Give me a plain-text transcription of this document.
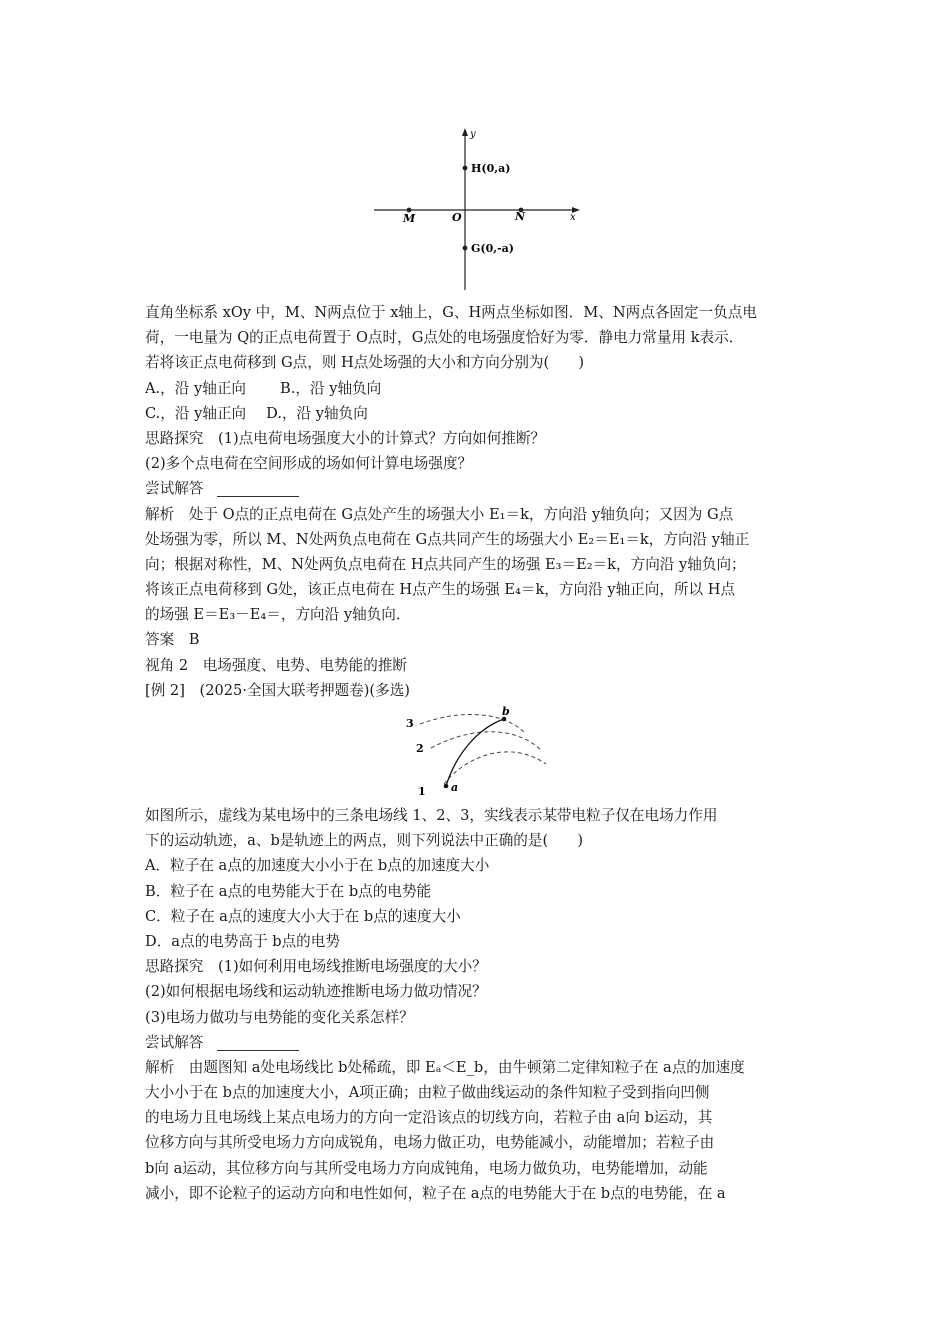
y
x
H(0,a)
O
M	N
G(0,-a)
直角坐标系 xOy 中，M、N两点位于 x轴上，G、H两点坐标如图．M、N两点各固定一负点电
荷，一电量为 Q的正点电荷置于 O点时，G点处的电场强度恰好为零．静电力常量用 k表示．
若将该正点电荷移到 G点，则 H点处场强的大小和方向分别为(　　)
A.，沿 y轴正向 B.，沿 y轴负向
C.，沿 y轴正向 D.，沿 y轴负向
思路探究　 (1)点电荷电场强度大小的计算式？方向如何推断？
(2)多个点电荷在空间形成的场如何计算电场强度？
尝试解答
解析　处于 O点的正点电荷在 G点处产生的场强大小 E₁＝k，方向沿 y轴负向；又因为 G点
处场强为零，所以 M、N处两负点电荷在 G点共同产生的场强大小 E₂＝E₁＝k，方向沿 y轴正
向；根据对称性，M、N处两负点电荷在 H点共同产生的场强 E₃＝E₂＝k，方向沿 y轴负向；
将该正点电荷移到 G处，该正点电荷在 H点产生的场强 E₄＝k，方向沿 y轴正向，所以 H点
的场强 E＝E₃－E₄＝，方向沿 y轴负向．
答案　B
视角 2　电场强度、电势、电势能的推断
[例 2]　(2025·全国大联考押题卷)(多选)
3
2
1 a
b
如图所示，虚线为某电场中的三条电场线 1、2、3，实线表示某带电粒子仅在电场力作用
下的运动轨迹，a、b是轨迹上的两点，则下列说法中正确的是(　　)
A．粒子在 a点的加速度大小小于在 b点的加速度大小
B．粒子在 a点的电势能大于在 b点的电势能
C．粒子在 a点的速度大小大于在 b点的速度大小
D．a点的电势高于 b点的电势
思路探究　 (1)如何利用电场线推断电场强度的大小？
(2)如何根据电场线和运动轨迹推断电场力做功情况？
(3)电场力做功与电势能的变化关系怎样？
尝试解答
解析　由题图知 a处电场线比 b处稀疏，即 Eₐ＜E_b，由牛顿第二定律知粒子在 a点的加速度
大小小于在 b点的加速度大小，A项正确；由粒子做曲线运动的条件知粒子受到指向凹侧
的电场力且电场线上某点电场力的方向一定沿该点的切线方向，若粒子由 a向 b运动，其
位移方向与其所受电场力方向成锐角，电场力做正功，电势能减小，动能增加；若粒子由
b向 a运动，其位移方向与其所受电场力方向成钝角，电场力做负功，电势能增加，动能
减小，即不论粒子的运动方向和电性如何，粒子在 a点的电势能大于在 b点的电势能，在 a
